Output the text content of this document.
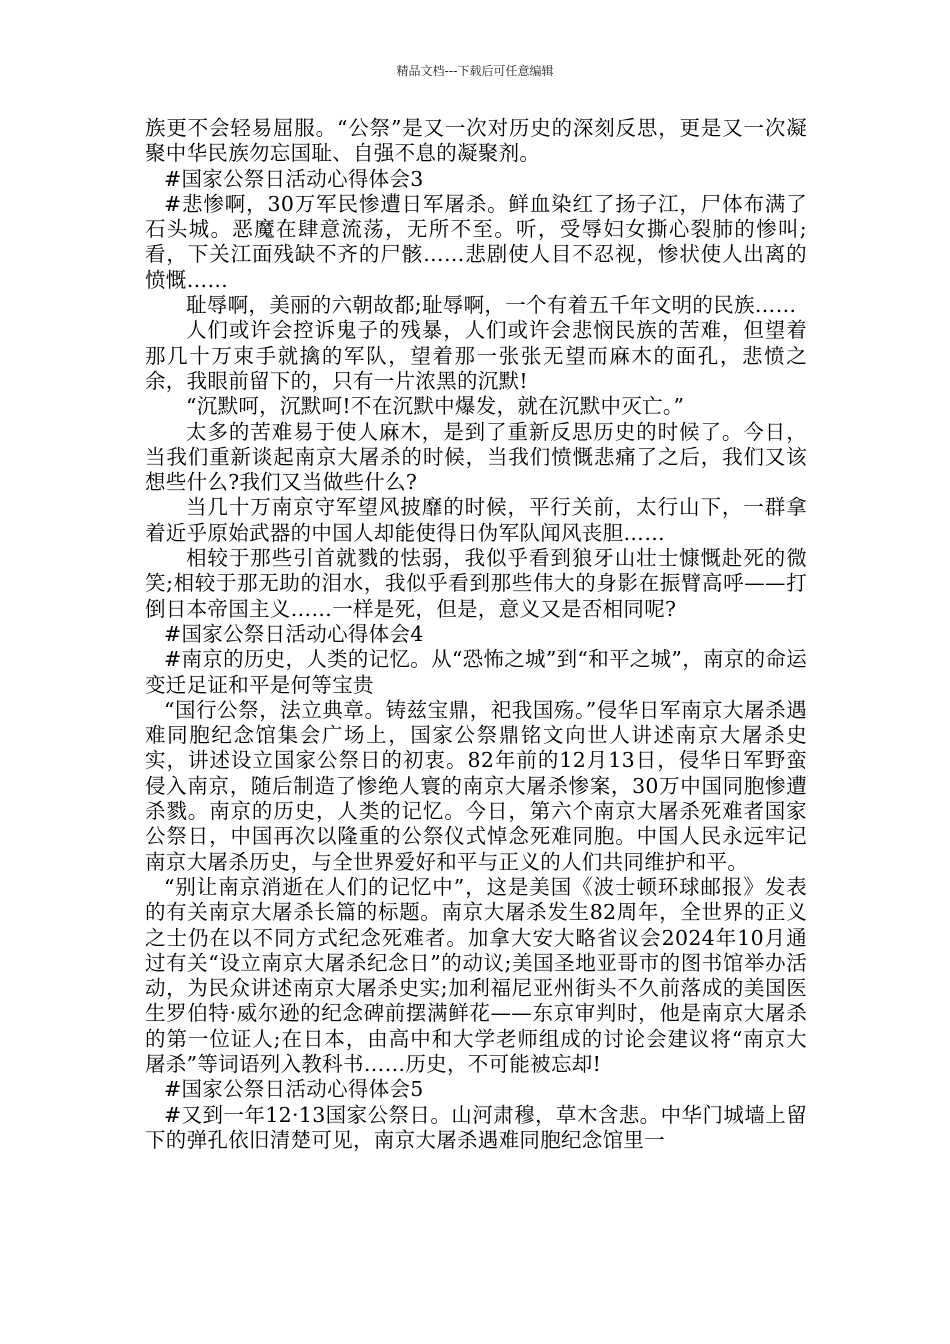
精品文档---下载后可任意编辑

族更不会轻易屈服。“公祭”是又一次对历史的深刻反思，更是又一次凝聚中华民族勿忘国耻、自强不息的凝聚剂。

#国家公祭日活动心得体会3

#悲惨啊，30万军民惨遭日军屠杀。鲜血染红了扬子江，尸体布满了石头城。恶魔在肆意流荡，无所不至。听，受辱妇女撕心裂肺的惨叫;看，下关江面残缺不齐的尸骸……悲剧使人目不忍视，惨状使人出离的愤慨……

耻辱啊，美丽的六朝故都;耻辱啊，一个有着五千年文明的民族……

人们或许会控诉鬼子的残暴，人们或许会悲悯民族的苦难，但望着那几十万束手就擒的军队，望着那一张张无望而麻木的面孔，悲愤之余，我眼前留下的，只有一片浓黑的沉默!

“沉默呵，沉默呵!不在沉默中爆发，就在沉默中灭亡。”

太多的苦难易于使人麻木，是到了重新反思历史的时候了。今日，当我们重新谈起南京大屠杀的时候，当我们愤慨悲痛了之后，我们又该想些什么?我们又当做些什么?

当几十万南京守军望风披靡的时候，平行关前，太行山下，一群拿着近乎原始武器的中国人却能使得日伪军队闻风丧胆……

相较于那些引首就戮的怯弱，我似乎看到狼牙山壮士慷慨赴死的微笑;相较于那无助的泪水，我似乎看到那些伟大的身影在振臂高呼——打倒日本帝国主义……一样是死，但是，意义又是否相同呢?

#国家公祭日活动心得体会4

#南京的历史，人类的记忆。从“恐怖之城”到“和平之城”，南京的命运变迁足证和平是何等宝贵

“国行公祭，法立典章。铸兹宝鼎，祀我国殇。”侵华日军南京大屠杀遇难同胞纪念馆集会广场上，国家公祭鼎铭文向世人讲述南京大屠杀史实，讲述设立国家公祭日的初衷。82年前的12月13日，侵华日军野蛮侵入南京，随后制造了惨绝人寰的南京大屠杀惨案，30万中国同胞惨遭杀戮。南京的历史，人类的记忆。今日，第六个南京大屠杀死难者国家公祭日，中国再次以隆重的公祭仪式悼念死难同胞。中国人民永远牢记南京大屠杀历史，与全世界爱好和平与正义的人们共同维护和平。

“别让南京消逝在人们的记忆中”，这是美国《波士顿环球邮报》发表的有关南京大屠杀长篇的标题。南京大屠杀发生82周年，全世界的正义之士仍在以不同方式纪念死难者。加拿大安大略省议会2024年10月通过有关“设立南京大屠杀纪念日”的动议;美国圣地亚哥市的图书馆举办活动，为民众讲述南京大屠杀史实;加利福尼亚州街头不久前落成的美国医生罗伯特·威尔逊的纪念碑前摆满鲜花——东京审判时，他是南京大屠杀的第一位证人;在日本，由高中和大学老师组成的讨论会建议将“南京大屠杀”等词语列入教科书……历史，不可能被忘却!

#国家公祭日活动心得体会5

#又到一年12·13国家公祭日。山河肃穆，草木含悲。中华门城墙上留下的弹孔依旧清楚可见，南京大屠杀遇难同胞纪念馆里一
